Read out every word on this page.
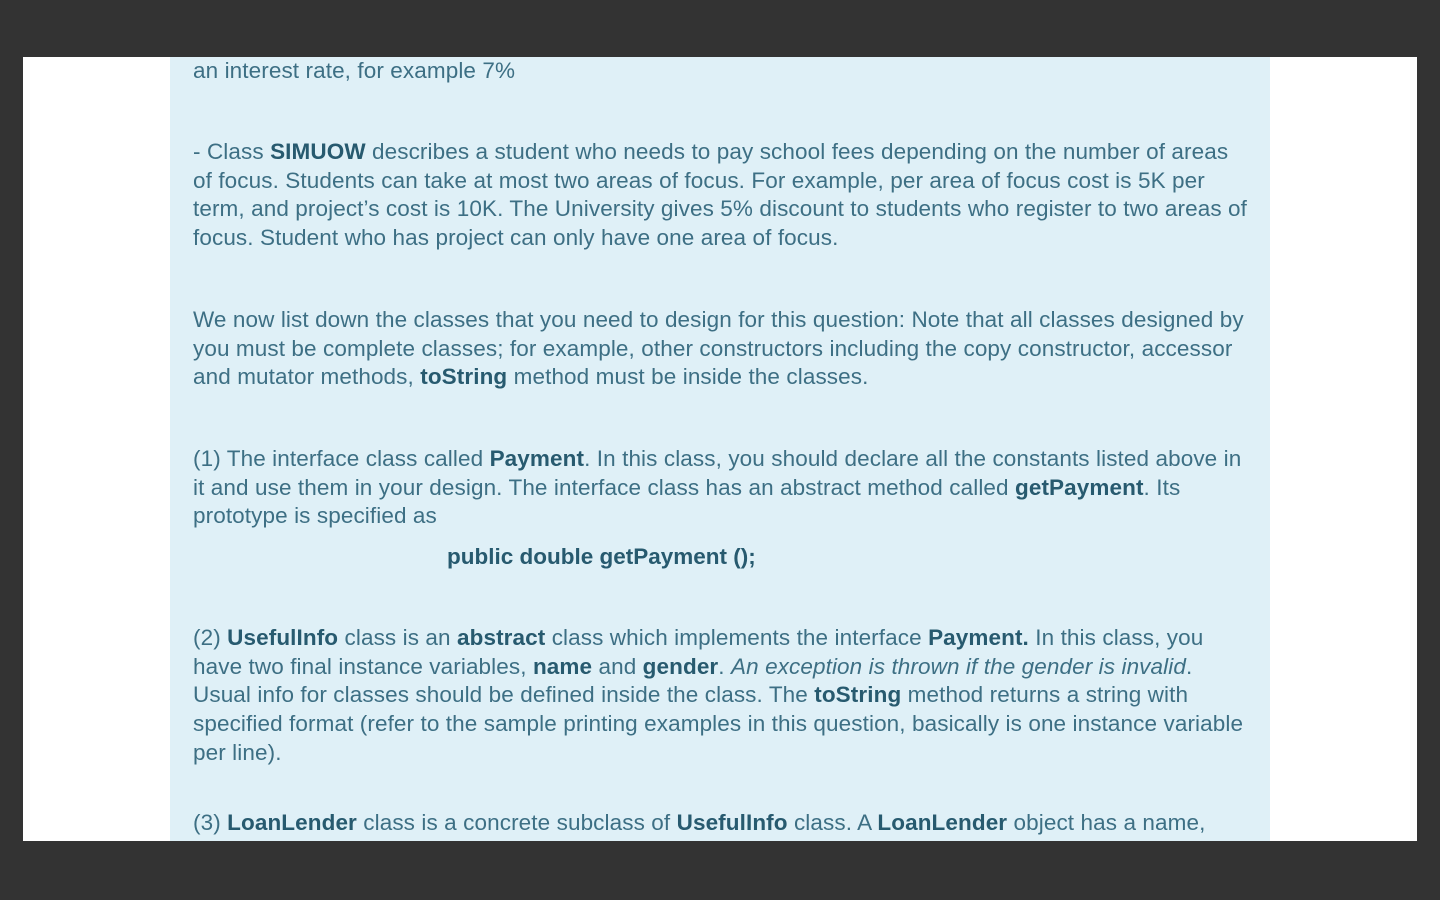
an interest rate, for example 7%

- Class SIMUOW describes a student who needs to pay school fees depending on the number of areas of focus. Students can take at most two areas of focus. For example, per area of focus cost is 5K per term, and project’s cost is 10K. The University gives 5% discount to students who register to two areas of focus. Student who has project can only have one area of focus.

We now list down the classes that you need to design for this question: Note that all classes designed by you must be complete classes; for example, other constructors including the copy constructor, accessor and mutator methods, toString method must be inside the classes.

(1) The interface class called Payment. In this class, you should declare all the constants listed above in it and use them in your design. The interface class has an abstract method called getPayment. Its prototype is specified as

public double getPayment ();

(2) UsefulInfo class is an abstract class which implements the interface Payment. In this class, you have two final instance variables, name and gender. An exception is thrown if the gender is invalid. Usual info for classes should be defined inside the class. The toString method returns a string with specified format (refer to the sample printing examples in this question, basically is one instance variable per line).

(3) LoanLender class is a concrete subclass of UsefulInfo class. A LoanLender object has a name,
